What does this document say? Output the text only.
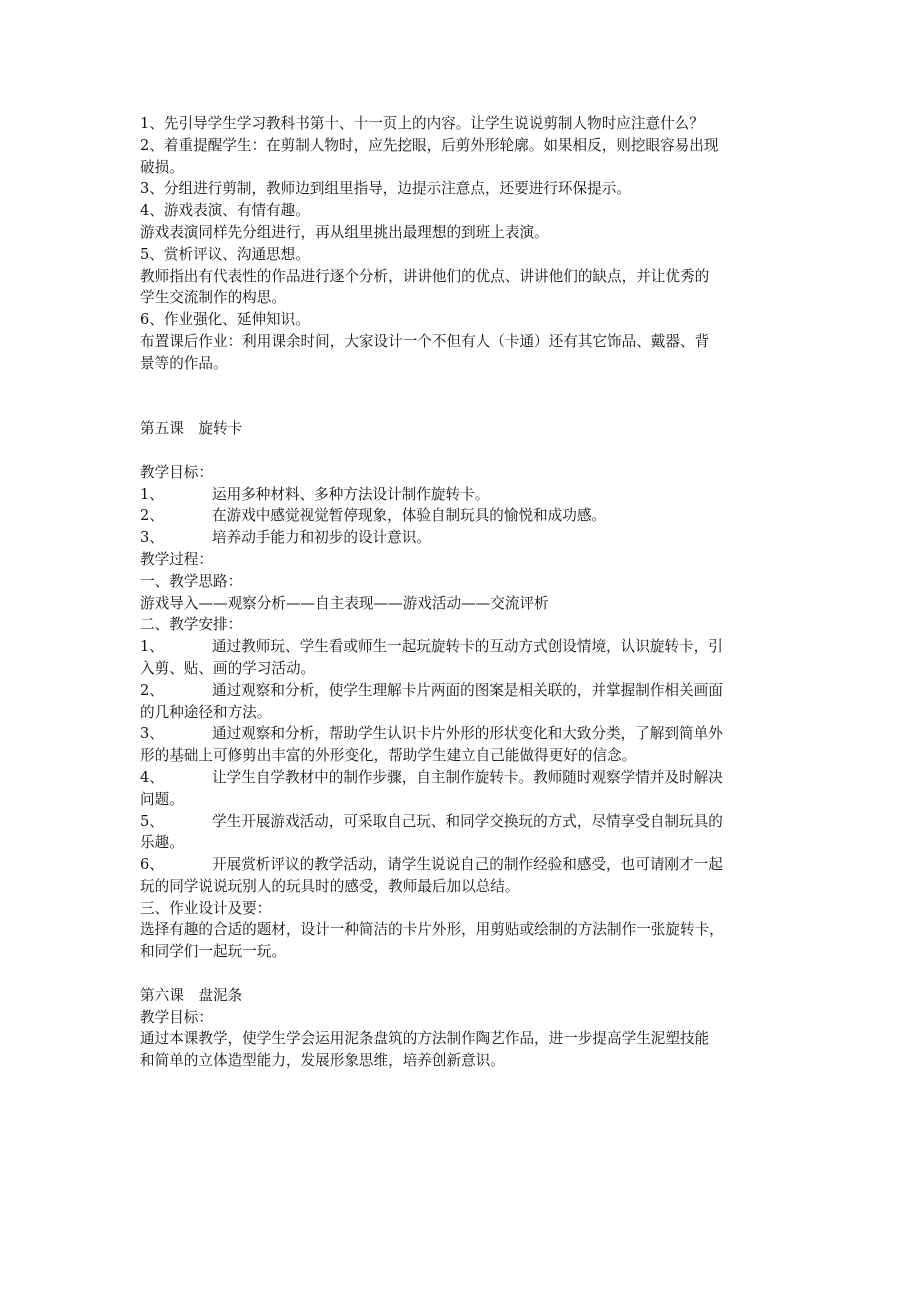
1、先引导学生学习教科书第十、十一页上的内容。让学生说说剪制人物时应注意什么？
2、着重提醒学生：在剪制人物时，应先挖眼，后剪外形轮廓。如果相反，则挖眼容易出现
破损。
3、分组进行剪制，教师边到组里指导，边提示注意点，还要进行环保提示。
4、游戏表演、有情有趣。
游戏表演同样先分组进行，再从组里挑出最理想的到班上表演。
5、赏析评议、沟通思想。
教师指出有代表性的作品进行逐个分析，讲讲他们的优点、讲讲他们的缺点，并让优秀的
学生交流制作的构思。
6、作业强化、延伸知识。
布置课后作业：利用课余时间，大家设计一个不但有人（卡通）还有其它饰品、戴器、背
景等的作品。
第五课　旋转卡
教学目标：
1、	运用多种材料、多种方法设计制作旋转卡。
2、	在游戏中感觉视觉暂停现象，体验自制玩具的愉悦和成功感。
3、	培养动手能力和初步的设计意识。
教学过程：
一、教学思路：
游戏导入——观察分析——自主表现——游戏活动——交流评析
二、教学安排：
1、	通过教师玩、学生看或师生一起玩旋转卡的互动方式创设情境，认识旋转卡，引
入剪、贴、画的学习活动。
2、	通过观察和分析，使学生理解卡片两面的图案是相关联的，并掌握制作相关画面
的几种途径和方法。
3、	通过观察和分析，帮助学生认识卡片外形的形状变化和大致分类，了解到简单外
形的基础上可修剪出丰富的外形变化，帮助学生建立自己能做得更好的信念。
4、	让学生自学教材中的制作步骤，自主制作旋转卡。教师随时观察学情并及时解决
问题。
5、	学生开展游戏活动，可采取自己玩、和同学交换玩的方式，尽情享受自制玩具的
乐趣。
6、	开展赏析评议的教学活动，请学生说说自己的制作经验和感受，也可请刚才一起
玩的同学说说玩别人的玩具时的感受，教师最后加以总结。
三、作业设计及要：
选择有趣的合适的题材，设计一种简洁的卡片外形，用剪贴或绘制的方法制作一张旋转卡，
和同学们一起玩一玩。
第六课　盘泥条
教学目标：
通过本课教学，使学生学会运用泥条盘筑的方法制作陶艺作品，进一步提高学生泥塑技能
和简单的立体造型能力，发展形象思维，培养创新意识。
